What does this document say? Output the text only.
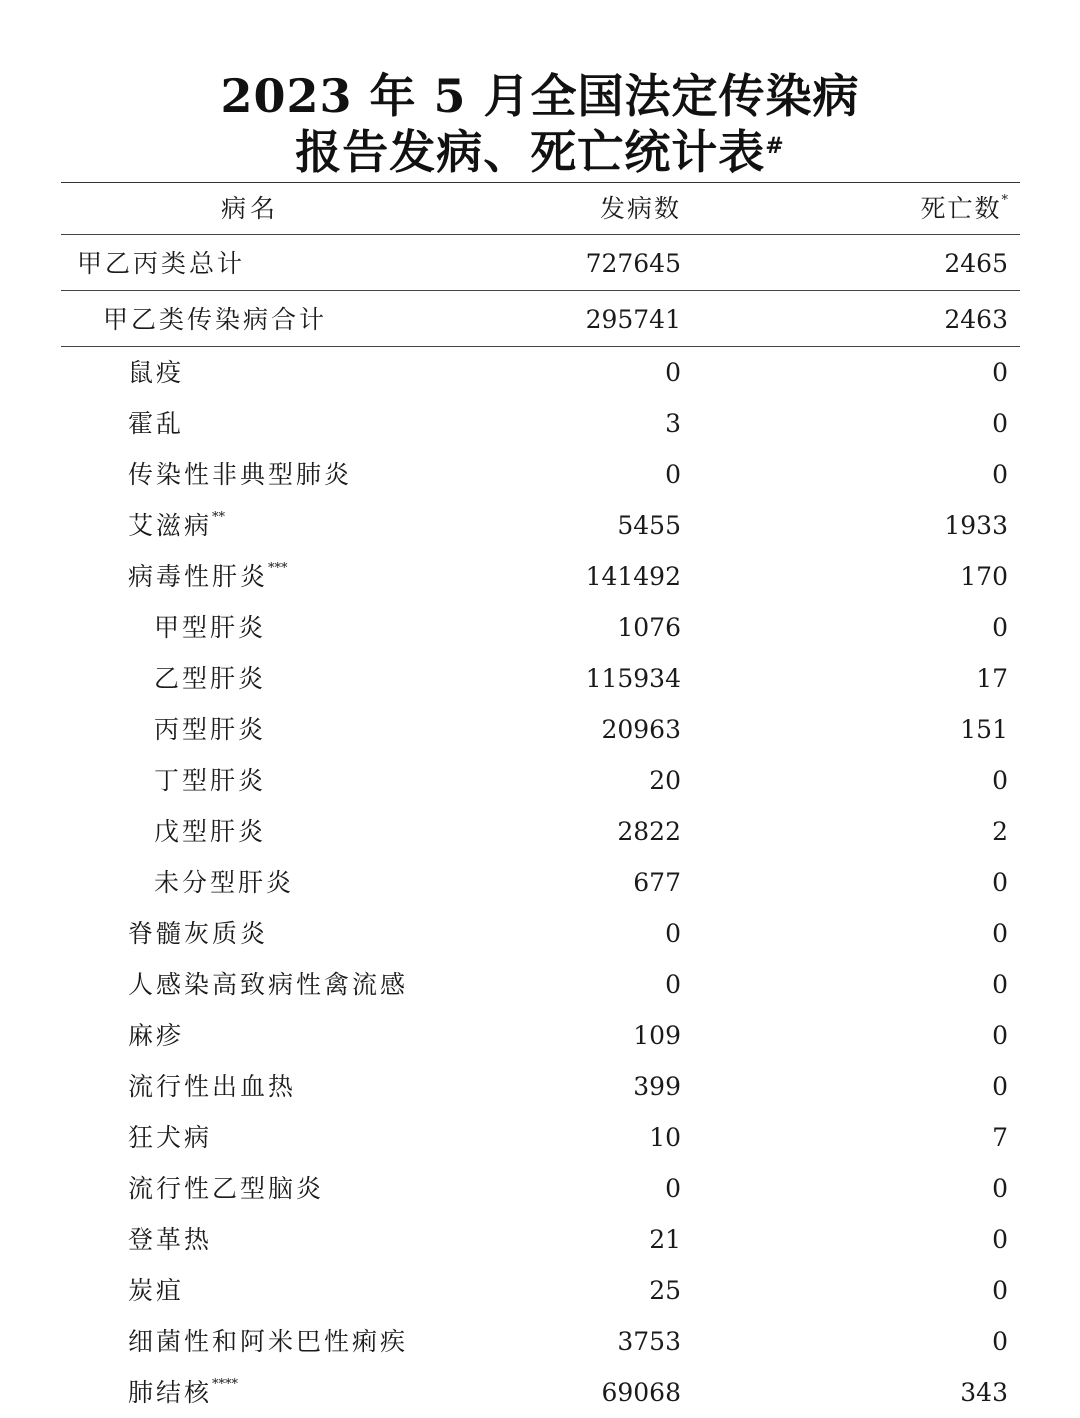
2023 年 5 月全国法定传染病
报告发病、死亡统计表#
病名	发病数	死亡数*
甲乙丙类总计	727645	2465
甲乙类传染病合计	295741	2463
鼠疫	0	0
霍乱	3	0
传染性非典型肺炎	0	0
艾滋病**	5455	1933
病毒性肝炎***	141492	170
甲型肝炎	1076	0
乙型肝炎	115934	17
丙型肝炎	20963	151
丁型肝炎	20	0
戊型肝炎	2822	2
未分型肝炎	677	0
脊髓灰质炎	0	0
人感染高致病性禽流感	0	0
麻疹	109	0
流行性出血热	399	0
狂犬病	10	7
流行性乙型脑炎	0	0
登革热	21	0
炭疽	25	0
细菌性和阿米巴性痢疾	3753	0
肺结核****	69068	343
